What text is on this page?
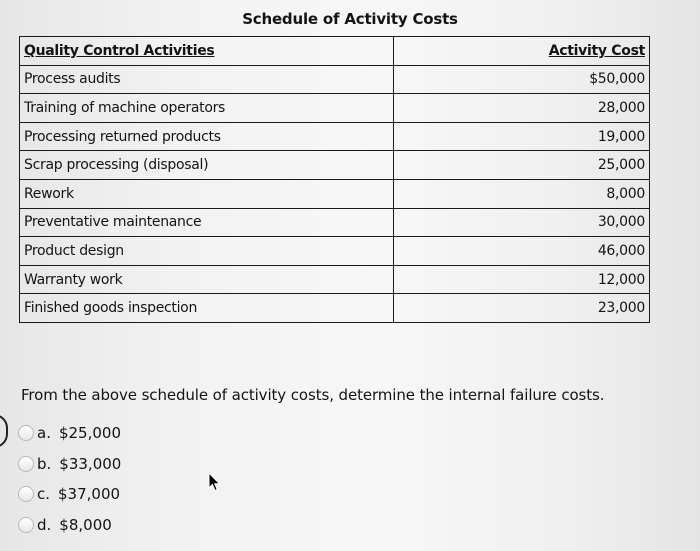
Schedule of Activity Costs
Quality Control Activities	Activity Cost
Process audits	$50,000
Training of machine operators	28,000
Processing returned products	19,000
Scrap processing (disposal)	25,000
Rework	8,000
Preventative maintenance	30,000
Product design	46,000
Warranty work	12,000
Finished goods inspection	23,000
From the above schedule of activity costs, determine the internal failure costs.
a. $25,000
b. $33,000
c. $37,000
d. $8,000
